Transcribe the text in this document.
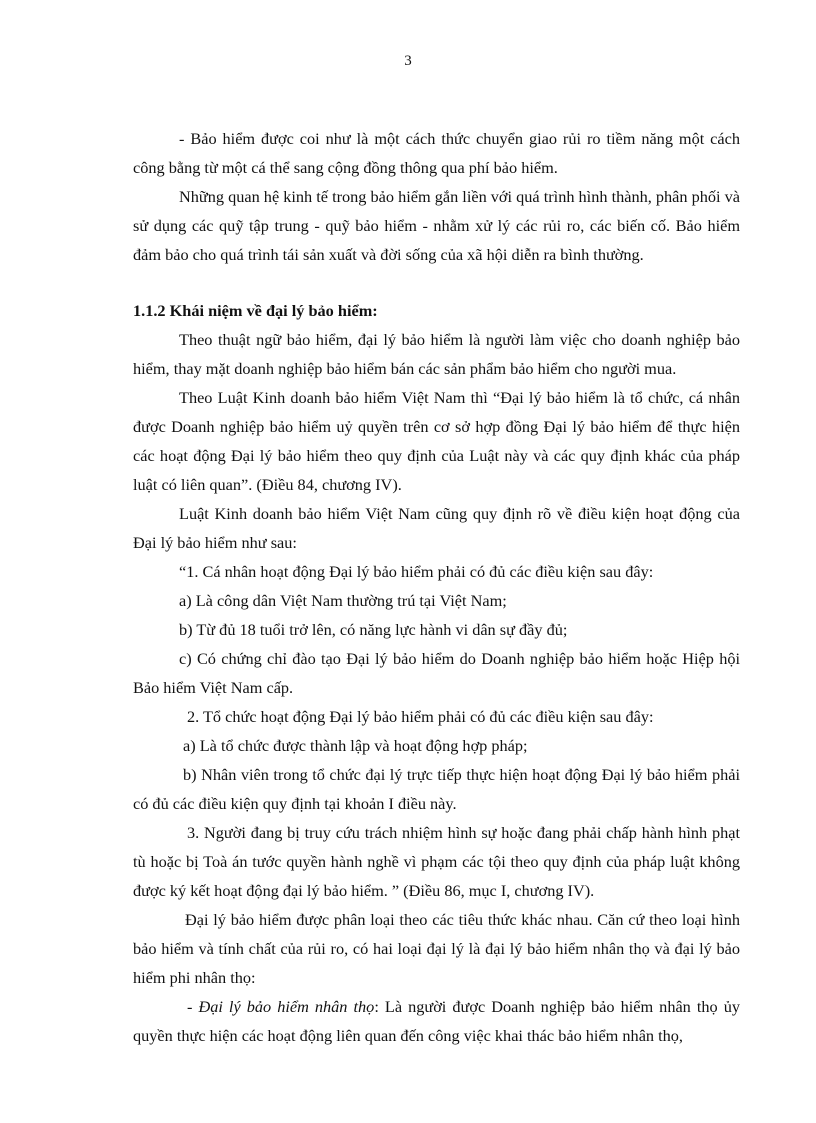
3

- Bảo hiểm được coi như là một cách thức chuyển giao rủi ro tiềm năng một cách công bằng từ một cá thể sang cộng đồng thông qua phí bảo hiểm.

Những quan hệ kinh tế trong bảo hiểm gắn liền với quá trình hình thành, phân phối và sử dụng các quỹ tập trung - quỹ bảo hiểm - nhằm xử lý các rủi ro, các biến cố. Bảo hiểm đảm bảo cho quá trình tái sản xuất và đời sống của xã hội diễn ra bình thường.

1.1.2 Khái niệm về đại lý bảo hiểm:

Theo thuật ngữ bảo hiểm, đại lý bảo hiểm là người làm việc cho doanh nghiệp bảo hiểm, thay mặt doanh nghiệp bảo hiểm bán các sản phẩm bảo hiểm cho người mua.

Theo Luật Kinh doanh bảo hiểm Việt Nam thì “Đại lý bảo hiểm là tổ chức, cá nhân được Doanh nghiệp bảo hiểm uỷ quyền trên cơ sở hợp đồng Đại lý bảo hiểm để thực hiện các hoạt động Đại lý bảo hiểm theo quy định của Luật này và các quy định khác của pháp luật có liên quan”. (Điều 84, chương IV).

Luật Kinh doanh bảo hiểm Việt Nam cũng quy định rõ về điều kiện hoạt động của Đại lý bảo hiểm như sau:

“1. Cá nhân hoạt động Đại lý bảo hiểm phải có đủ các điều kiện sau đây:

a) Là công dân Việt Nam thường trú tại Việt Nam;

b) Từ đủ 18 tuổi trở lên, có năng lực hành vi dân sự đầy đủ;

c) Có chứng chỉ đào tạo Đại lý bảo hiểm do Doanh nghiệp bảo hiểm hoặc Hiệp hội Bảo hiểm Việt Nam cấp.

2. Tổ chức hoạt động Đại lý bảo hiểm phải có đủ các điều kiện sau đây:

a) Là tổ chức được thành lập và hoạt động hợp pháp;

b) Nhân viên trong tổ chức đại lý trực tiếp thực hiện hoạt động Đại lý bảo hiểm phải có đủ các điều kiện quy định tại khoản I điều này.

3. Người đang bị truy cứu trách nhiệm hình sự hoặc đang phải chấp hành hình phạt tù hoặc bị Toà án tước quyền hành nghề vì phạm các tội theo quy định của pháp luật không được ký kết hoạt động đại lý bảo hiểm. ” (Điều 86, mục I, chương IV).

Đại lý bảo hiểm được phân loại theo các tiêu thức khác nhau. Căn cứ theo loại hình bảo hiểm và tính chất của rủi ro, có hai loại đại lý là đại lý bảo hiểm nhân thọ và đại lý bảo hiểm phi nhân thọ:

- Đại lý bảo hiểm nhân thọ: Là người được Doanh nghiệp bảo hiểm nhân thọ ủy quyền thực hiện các hoạt động liên quan đến công việc khai thác bảo hiểm nhân thọ,
